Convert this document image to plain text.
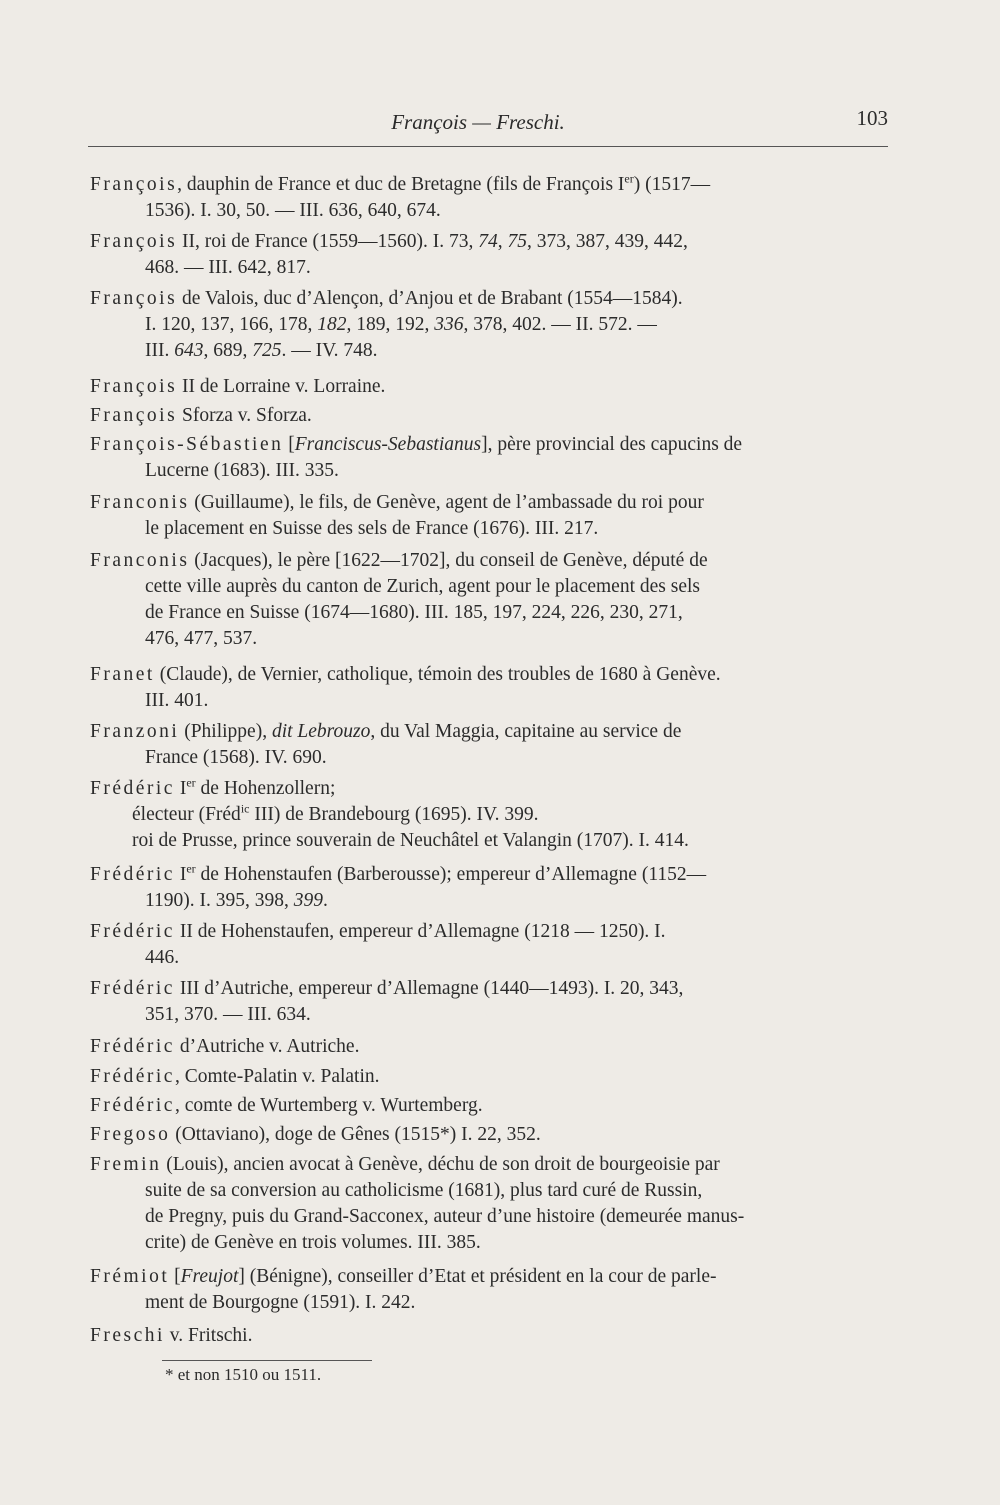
François — Freschi.	103
François, dauphin de France et duc de Bretagne (fils de François Ier) (1517—
1536). I. 30, 50. — III. 636, 640, 674.
François II, roi de France (1559—1560). I. 73, 74, 75, 373, 387, 439, 442,
468. — III. 642, 817.
François de Valois, duc d’Alençon, d’Anjou et de Brabant (1554—1584).
I. 120, 137, 166, 178, 182, 189, 192, 336, 378, 402. — II. 572. —
III. 643, 689, 725. — IV. 748.
François II de Lorraine v. Lorraine.
François Sforza v. Sforza.
François-Sébastien [Franciscus-Sebastianus], père provincial des capucins de
Lucerne (1683). III. 335.
Franconis (Guillaume), le fils, de Genève, agent de l’ambassade du roi pour
le placement en Suisse des sels de France (1676). III. 217.
Franconis (Jacques), le père [1622—1702], du conseil de Genève, député de
cette ville auprès du canton de Zurich, agent pour le placement des sels
de France en Suisse (1674—1680). III. 185, 197, 224, 226, 230, 271,
476, 477, 537.
Franet (Claude), de Vernier, catholique, témoin des troubles de 1680 à Genève.
III. 401.
Franzoni (Philippe), dit Lebrouzo, du Val Maggia, capitaine au service de
France (1568). IV. 690.
Frédéric Ier de Hohenzollern;
électeur (Fréd$^{ic}$ III) de Brandebourg (1695). IV. 399.
roi de Prusse, prince souverain de Neuchâtel et Valangin (1707). I. 414.
Frédéric Ier de Hohenstaufen (Barberousse); empereur d’Allemagne (1152—
1190). I. 395, 398, 399.
Frédéric II de Hohenstaufen, empereur d’Allemagne (1218 — 1250). I.
446.
Frédéric III d’Autriche, empereur d’Allemagne (1440—1493). I. 20, 343,
351, 370. — III. 634.
Frédéric d’Autriche v. Autriche.
Frédéric, Comte-Palatin v. Palatin.
Frédéric, comte de Wurtemberg v. Wurtemberg.
Fregoso (Ottaviano), doge de Gênes (1515*) I. 22, 352.
Fremin (Louis), ancien avocat à Genève, déchu de son droit de bourgeoisie par
suite de sa conversion au catholicisme (1681), plus tard curé de Russin,
de Pregny, puis du Grand-Sacconex, auteur d’une histoire (demeurée manus-
crite) de Genève en trois volumes. III. 385.
Frémiot [Freujot] (Bénigne), conseiller d’Etat et président en la cour de parle-
ment de Bourgogne (1591). I. 242.
Freschi v. Fritschi.
* et non 1510 ou 1511.
